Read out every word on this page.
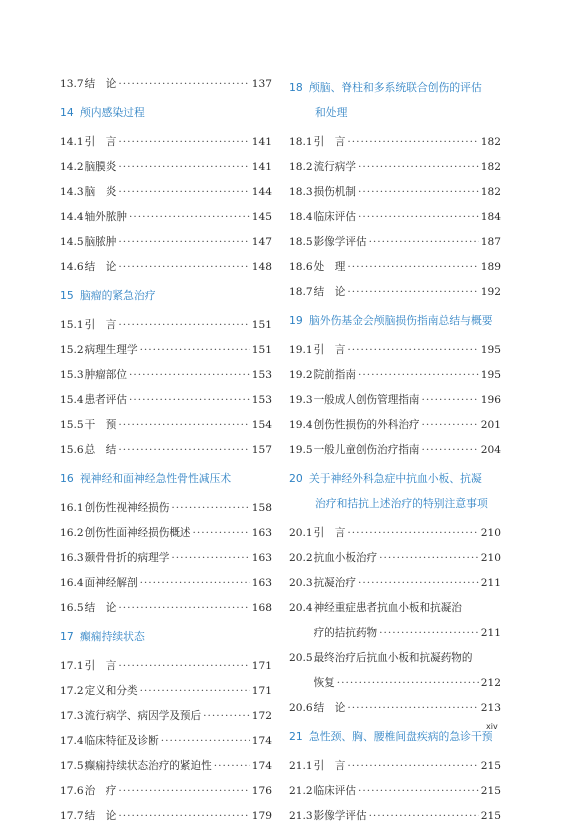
13.7 结　论 ·····	137
14 颅内感染过程
14.1 引　言 ·····	141
14.2 脑膜炎 ·····	141
14.3 脑　炎 ·····	144
14.4 轴外脓肿 ·····	145
14.5 脑脓肿 ·····	147
14.6 结　论 ·····	148
15 脑瘤的紧急治疗
15.1 引　言 ·····	151
15.2 病理生理学 ·····	151
15.3 肿瘤部位 ·····	153
15.4 患者评估 ·····	153
15.5 干　预 ·····	154
15.6 总　结 ·····	157
16 视神经和面神经急性骨性减压术
16.1 创伤性视神经损伤 ·····	158
16.2 创伤性面神经损伤概述 ·····	163
16.3 颞骨骨折的病理学 ·····	163
16.4 面神经解剖 ·····	163
16.5 结　论 ·····	168
17 癫痫持续状态
17.1 引　言 ·····	171
17.2 定义和分类 ·····	171
17.3 流行病学、病因学及预后 ·····	172
17.4 临床特征及诊断 ·····	174
17.5 癫痫持续状态治疗的紧迫性 ·····	174
17.6 治　疗 ·····	176
17.7 结　论 ·····	179
18 颅脑、脊柱和多系统联合创伤的评估
和处理
18.1 引　言 ·····	182
18.2 流行病学 ·····	182
18.3 损伤机制 ·····	182
18.4 临床评估 ·····	184
18.5 影像学评估 ·····	187
18.6 处　理 ·····	189
18.7 结　论 ·····	192
19 脑外伤基金会颅脑损伤指南总结与概要
19.1 引　言 ·····	195
19.2 院前指南 ·····	195
19.3 一般成人创伤管理指南 ·····	196
19.4 创伤性损伤的外科治疗 ·····	201
19.5 一般儿童创伤治疗指南 ·····	204
20 关于神经外科急症中抗血小板、抗凝
治疗和拮抗上述治疗的特别注意事项
20.1 引　言 ·····	210
20.2 抗血小板治疗 ·····	210
20.3 抗凝治疗 ·····	211
20.4 神经重症患者抗血小板和抗凝治
疗的拮抗药物 ·····	211
20.5 最终治疗后抗血小板和抗凝药物的
恢复 ·····	212
20.6 结　论 ·····	213
21 急性颈、胸、腰椎间盘疾病的急诊干预
21.1 引　言 ·····	215
21.2 临床评估 ·····	215
21.3 影像学评估 ·····	215
xiv
